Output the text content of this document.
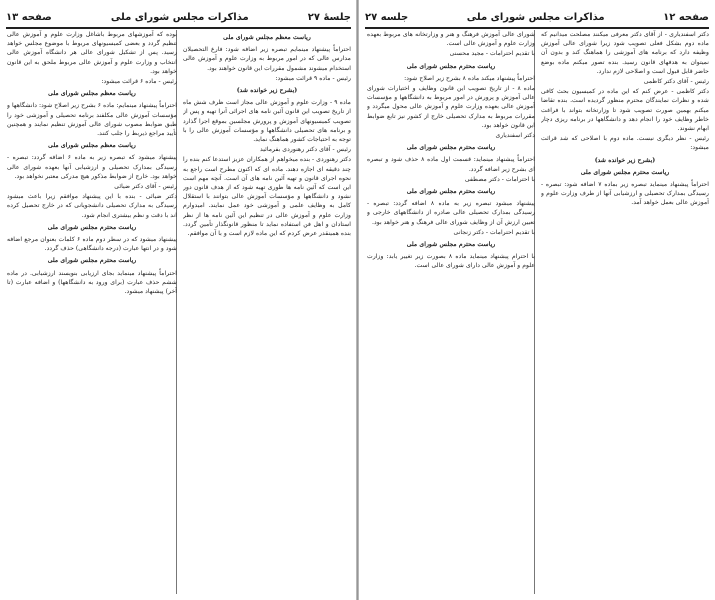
صفحه ۱۳	مذاکرات مجلس شورای ملی	جلسهٔ ۲۷

ریاست معظم مجلس شورای ملی

احتراماً پیشنهاد مینمایم تبصره زیر اضافه شود: فارغ التحصیلان مدارس عالی که در امور مربوط به وزارت علوم و آموزش عالی استخدام میشوند مشمول مقررات این قانون خواهند بود.

رئیس - ماده ۹ قرائت میشود:

(بشرح زیر خوانده شد)

ماده ۹ - وزارت علوم و آموزش عالی مجاز است ظرف شش ماه از تاریخ تصویب این قانون آئین نامه های اجرائی آنرا تهیه و پس از تصویب کمیسیونهای آموزش و پرورش مجلسین بموقع اجرا گذارد و برنامه های تحصیلی دانشگاهها و مؤسسات آموزش عالی را با توجه به احتیاجات کشور هماهنگ نماید.

رئیس - آقای دکتر رهنوردی بفرمائید

دکتر رهنوردی - بنده میخواهم از همکاران عزیز استدعا کنم بنده را چند دقیقه ای اجازه دهند. ماده ای که اکنون مطرح است راجع به نحوه اجرای قانون و تهیه آئین نامه های آن است. آنچه مهم است این است که آئین نامه ها طوری تهیه شود که از هدف قانون دور نشود و دانشگاهها و مؤسسات آموزش عالی بتوانند با استقلال کامل به وظایف علمی و آموزشی خود عمل نمایند. امیدوارم وزارت علوم و آموزش عالی در تنظیم این آئین نامه ها از نظر استادان و اهل فن استفاده نماید تا منظور قانونگذار تأمین گردد. بنده همینقدر عرض کردم که این ماده لازم است و با آن موافقم.

بوده که آموزشهای مربوط باشاغل وزارت علوم و آموزش عالی تنظیم گردد و بعضی کمیسیونهای مربوط با موضوع مجلس خواهد رسید. پس از تشکیل شورای عالی هر دانشگاه آموزش عالی انتخاب و وزارت علوم و آموزش عالی مربوط ملحق به این قانون خواهد بود.

رئیس - ماده ۶ قرائت میشود:

ریاست معظم مجلس شورای ملی

احتراماً پیشنهاد مینمایم: ماده ۶ بشرح زیر اصلاح شود: دانشگاهها و مؤسسات آموزش عالی مکلفند برنامه تحصیلی و آموزشی خود را طبق ضوابط مصوب شورای عالی آموزش تنظیم نمایند و همچنین تأیید مراجع ذیربط را جلب کنند.

ریاست معظم مجلس شورای ملی

پیشنهاد میشود که تبصره زیر به ماده ۶ اضافه گردد: تبصره - رسیدگی بمدارک تحصیلی و ارزشیابی آنها بعهده شورای عالی خواهد بود. خارج از ضوابط مذکور هیچ مدرکی معتبر نخواهد بود.

رئیس - آقای دکتر ضیائی

دکتر ضیائی - بنده با این پیشنهاد موافقم زیرا باعث میشود رسیدگی به مدارک تحصیلی دانشجویانی که در خارج تحصیل کرده اند با دقت و نظم بیشتری انجام شود.

ریاست محترم مجلس شورای ملی

پیشنهاد میشود که در سطر دوم ماده ۶ کلمات بعنوان مرجع اضافه شود و در انتها عبارت (درجه دانشگاهی) حذف گردد.

ریاست محترم مجلس شورای ملی

احتراماً پیشنهاد مینماید بجای ارزیابی بنویسند ارزشیابی. در ماده ششم حذف عبارت (برای ورود به دانشگاهها) و اضافه عبارت (تا آخر) پیشنهاد میشود.

جلسه ۲۷	مذاکرات مجلس شورای ملی	صفحه ۱۲

دکتر اسفندیاری - از آقای دکتر معرفی میکنند مصلحت میدانیم که ماده دوم بشکل فعلی تصویب شود زیرا شورای عالی آموزش وظیفه دارد که برنامه های آموزشی را هماهنگ کند و بدون آن نمیتوان به هدفهای قانون رسید. بنده تصور میکنم ماده بوضع حاضر قابل قبول است و اصلاحی لازم ندارد.

رئیس - آقای دکتر کاظمی

دکتر کاظمی - عرض کنم که این ماده در کمیسیون بحث کافی شده و نظرات نمایندگان محترم منظور گردیده است. بنده تقاضا میکنم بهمین صورت تصویب شود تا وزارتخانه بتواند با فراغت خاطر وظایف خود را انجام دهد و دانشگاهها در برنامه ریزی دچار ابهام نشوند.

رئیس - نظر دیگری نیست. ماده دوم با اصلاحی که شد قرائت میشود:

(بشرح زیر خوانده شد)

ریاست محترم مجلس شورای ملی

احتراماً پیشنهاد مینماید تبصره زیر بماده ۷ اضافه شود: تبصره - رسیدگی بمدارک تحصیلی و ارزشیابی آنها از طرف وزارت علوم و آموزش عالی بعمل خواهد آمد.

شورای عالی آموزش فرهنگ و هنر و وزارتخانه های مربوط بعهده وزارت علوم و آموزش عالی است.

با تقدیم احترامات - مجید محسنی

ریاست محترم مجلس شورای ملی

احتراماً پیشنهاد میکند ماده ۸ بشرح زیر اصلاح شود:

ماده ۸ - از تاریخ تصویب این قانون وظایف و اختیارات شورای عالی آموزش و پرورش در امور مربوط به دانشگاهها و مؤسسات آموزش عالی بعهده وزارت علوم و آموزش عالی محول میگردد و مقررات مربوط به مدارک تحصیلی خارج از کشور نیز تابع ضوابط این قانون خواهد بود.

دکتر اسفندیاری

ریاست محترم مجلس شورای ملی

احتراماً پیشنهاد مینماید: قسمت اول ماده ۸ حذف شود و تبصره ای بشرح زیر اضافه گردد.

با احترامات - دکتر مصطفی

ریاست محترم مجلس شورای ملی

پیشنهاد میشود تبصره زیر به ماده ۸ اضافه گردد: تبصره - رسیدگی بمدارک تحصیلی عالی صادره از دانشگاههای خارجی و تعیین ارزش آن از وظایف شورای عالی فرهنگ و هنر خواهد بود.

با تقدیم احترامات - دکتر زنجانی

ریاست محترم مجلس شورای ملی

با احترام پیشنهاد مینماید ماده ۸ بصورت زیر تغییر یابد: وزارت علوم و آموزش عالی دارای شورای عالی است.
